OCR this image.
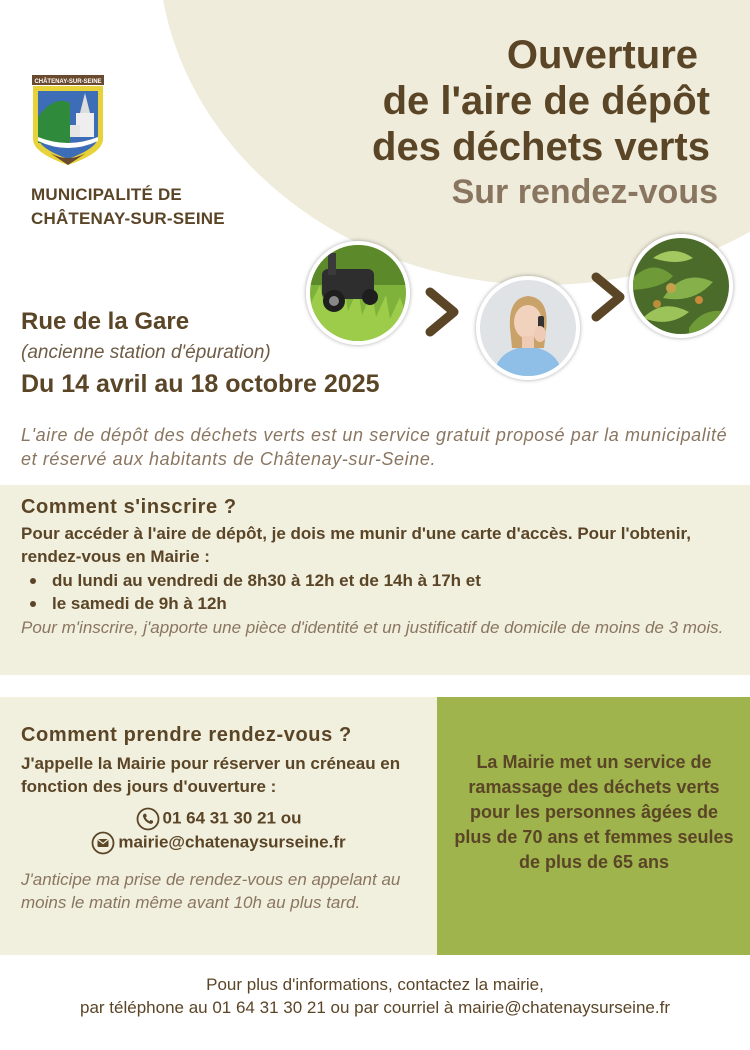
CHÂTENAY-SUR-SEINE
MUNICIPALITÉ DE
CHÂTENAY-SUR-SEINE
Ouverture
de l'aire de dépôt
des déchets verts
Sur rendez-vous
Rue de la Gare
(ancienne station d'épuration)
Du 14 avril au 18 octobre 2025
L'aire de dépôt des déchets verts est un service gratuit proposé par la municipalité et réservé aux habitants de Châtenay-sur-Seine.
Comment s'inscrire ?
Pour accéder à l'aire de dépôt, je dois me munir d'une carte d'accès. Pour l'obtenir, rendez-vous en Mairie :
du lundi au vendredi de 8h30 à 12h et de 14h à 17h et
le samedi de 9h à 12h
Pour m'inscrire, j'apporte une pièce d'identité et un justificatif de domicile de moins de 3 mois.
Comment prendre rendez-vous ?
J'appelle la Mairie pour réserver un créneau en fonction des jours d'ouverture :
01 64 31 30 21 ou
mairie@chatenaysurseine.fr
J'anticipe ma prise de rendez-vous en appelant au moins le matin même avant 10h au plus tard.
La Mairie met un service de ramassage des déchets verts pour les personnes âgées de plus de 70 ans et femmes seules de plus de 65 ans
Pour plus d'informations, contactez la mairie,
par téléphone au 01 64 31 30 21 ou par courriel à mairie@chatenaysurseine.fr
